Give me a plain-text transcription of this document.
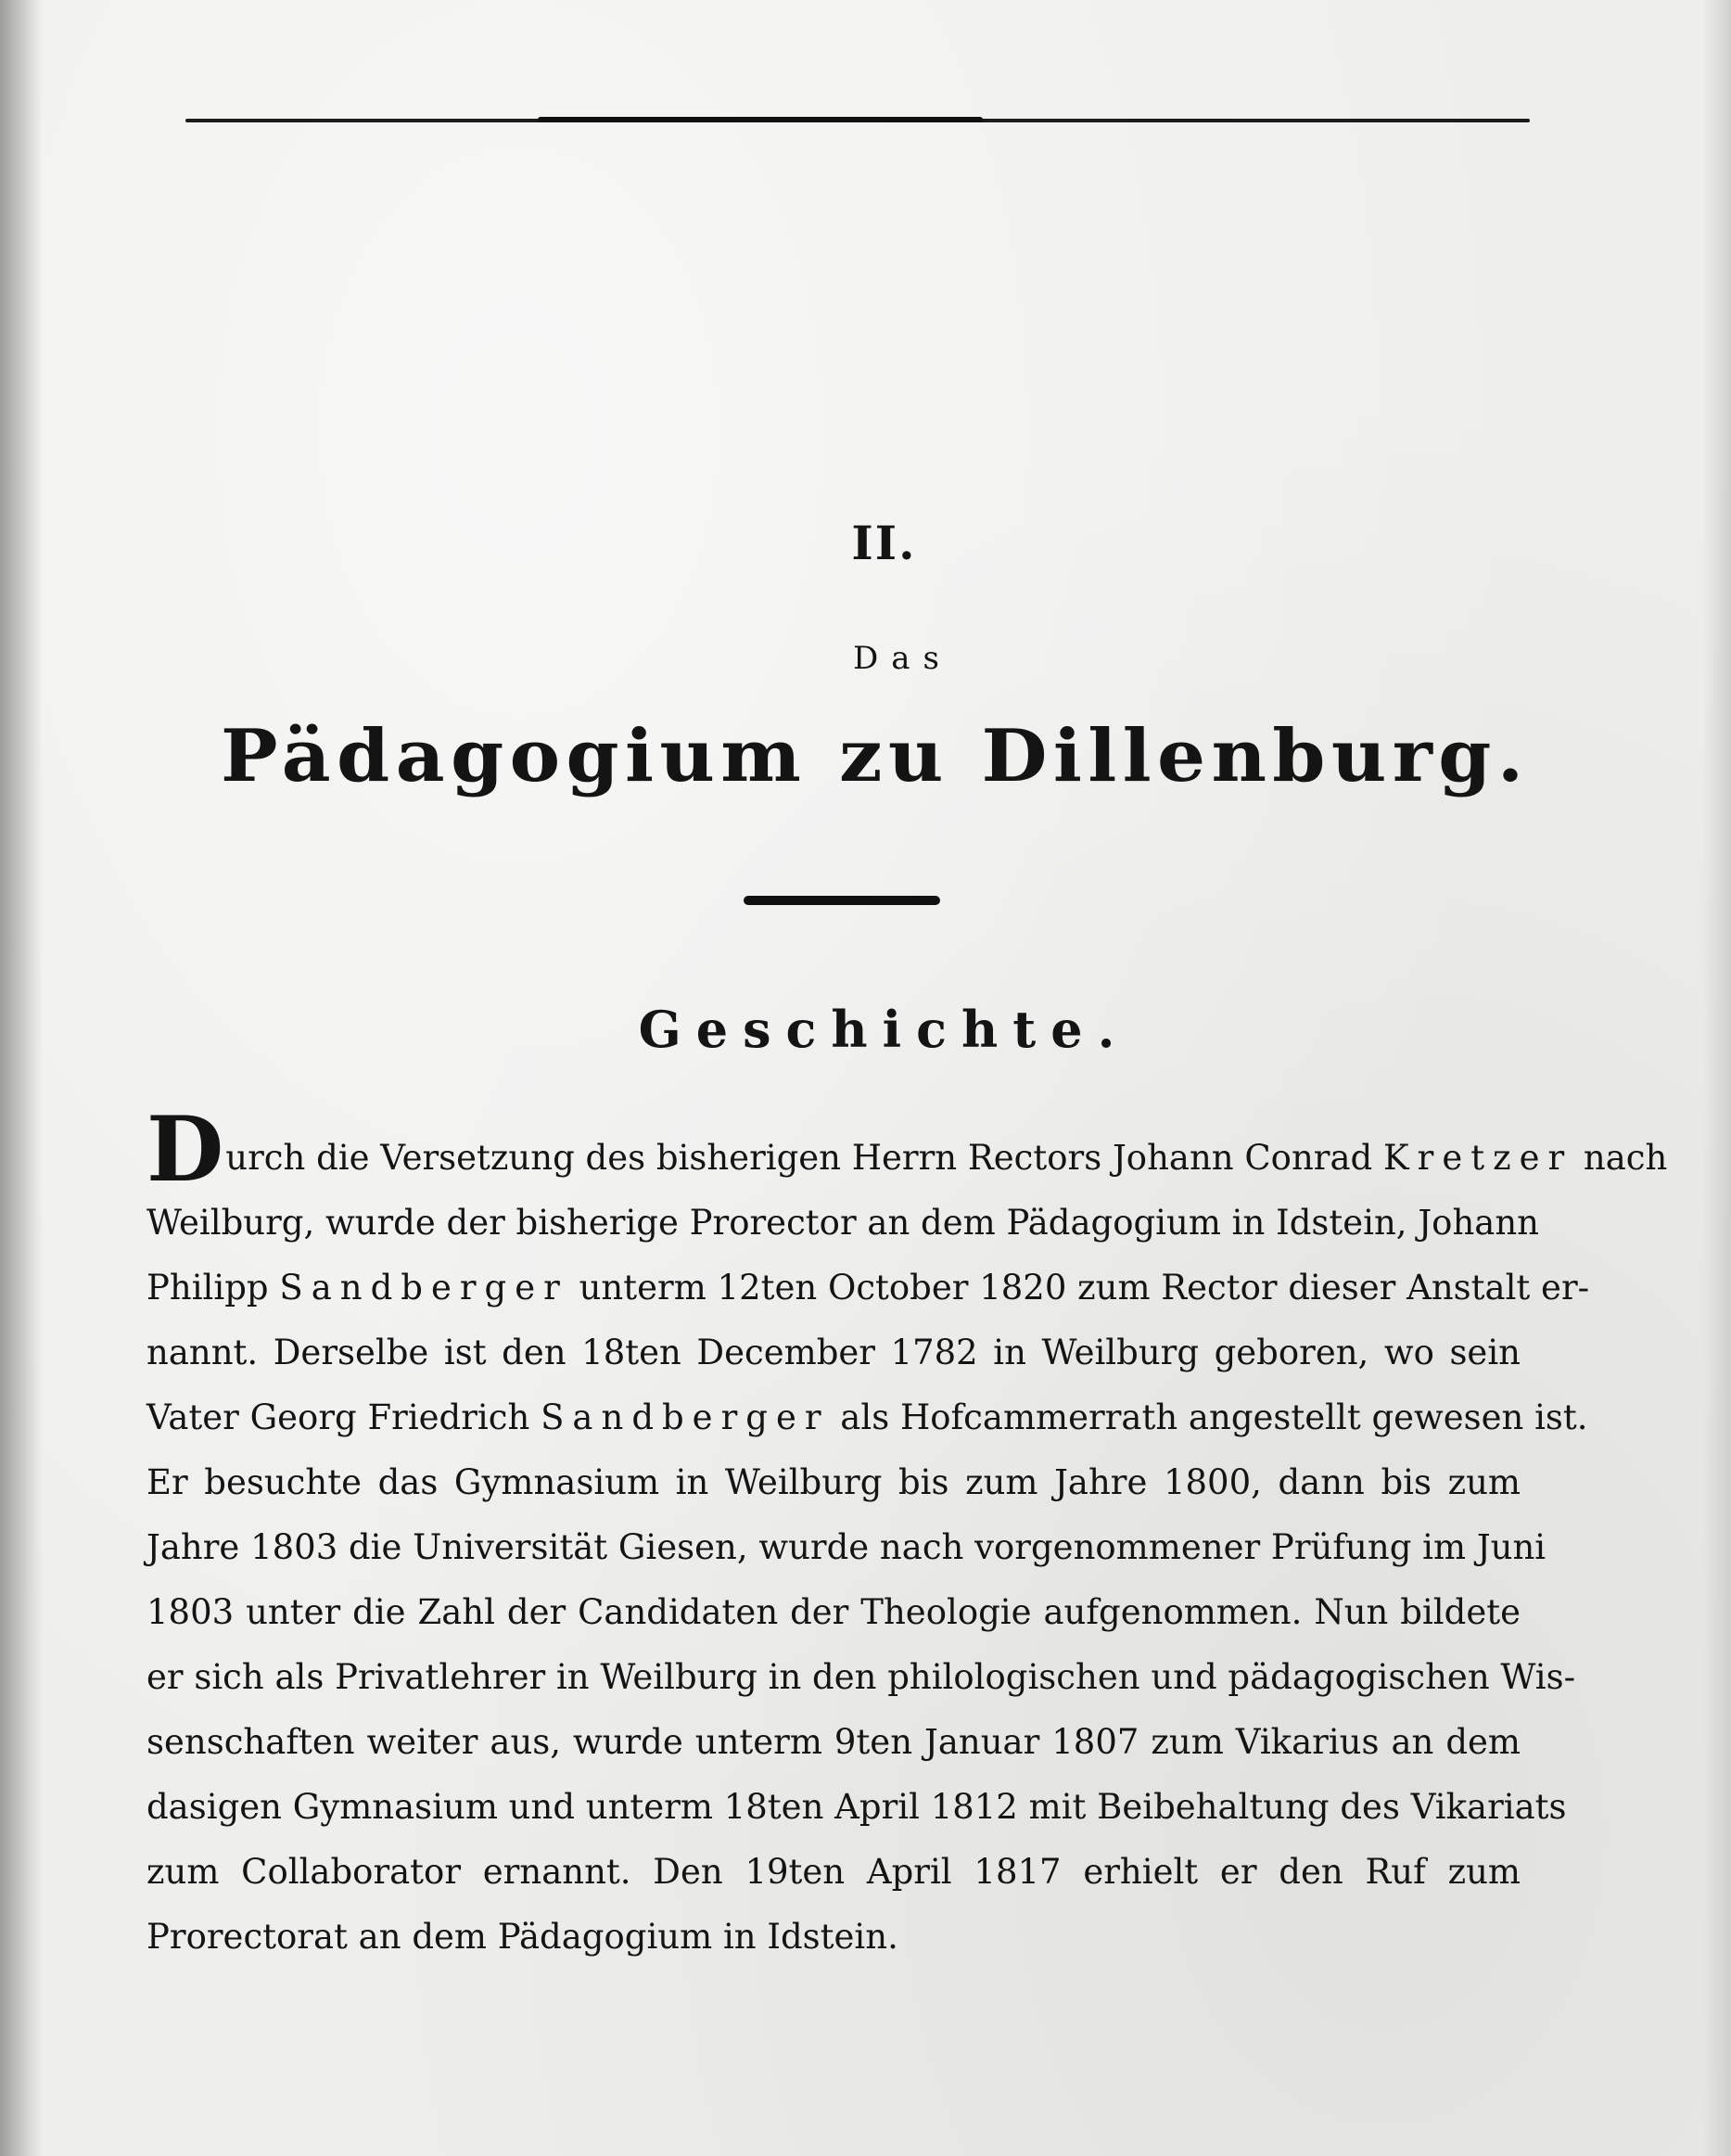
II.
Das
Pädagogium zu Dillenburg.
Geschichte.
Durch die Versetzung des bisherigen Herrn Rectors Johann Conrad Kretzer nach
Weilburg, wurde der bisherige Prorector an dem Pädagogium in Idstein, Johann
Philipp Sandberger unterm 12ten October 1820 zum Rector dieser Anstalt er-
nannt. Derselbe ist den 18ten December 1782 in Weilburg geboren, wo sein
Vater Georg Friedrich Sandberger als Hofcammerrath angestellt gewesen ist.
Er besuchte das Gymnasium in Weilburg bis zum Jahre 1800, dann bis zum
Jahre 1803 die Universität Giesen, wurde nach vorgenommener Prüfung im Juni
1803 unter die Zahl der Candidaten der Theologie aufgenommen. Nun bildete
er sich als Privatlehrer in Weilburg in den philologischen und pädagogischen Wis-
senschaften weiter aus, wurde unterm 9ten Januar 1807 zum Vikarius an dem
dasigen Gymnasium und unterm 18ten April 1812 mit Beibehaltung des Vikariats
zum Collaborator ernannt. Den 19ten April 1817 erhielt er den Ruf zum
Prorectorat an dem Pädagogium in Idstein.
